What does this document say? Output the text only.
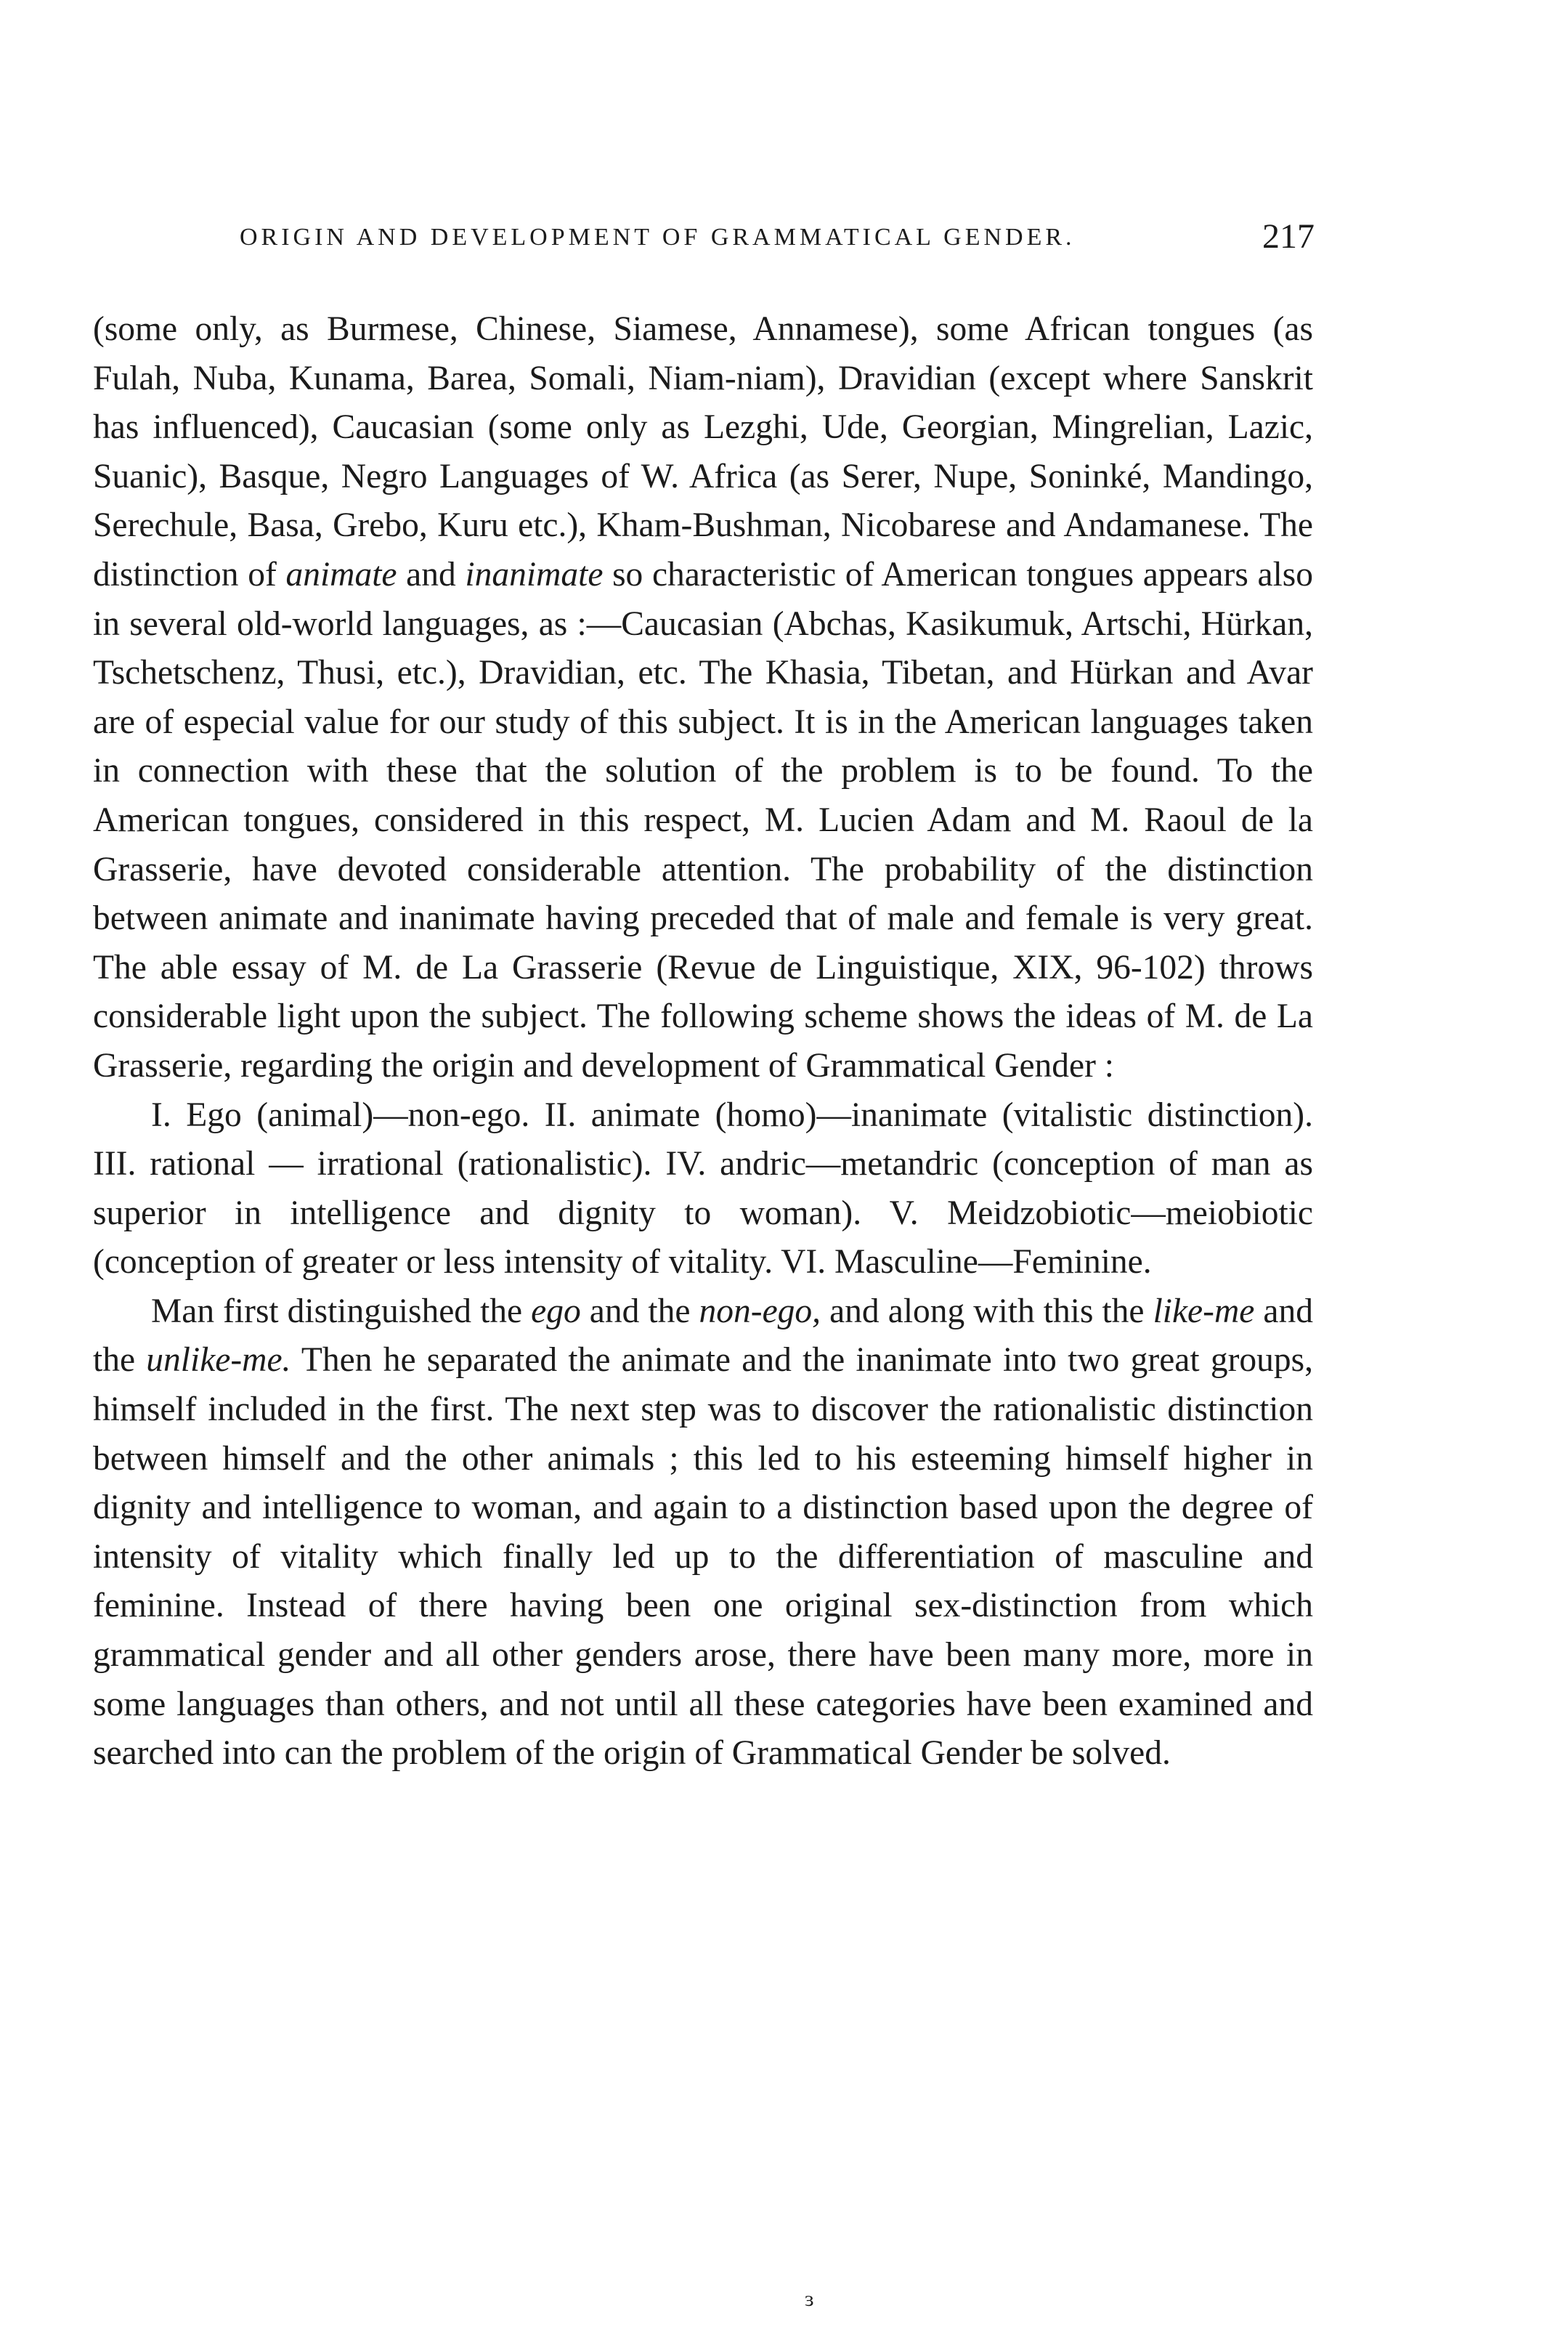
ORIGIN AND DEVELOPMENT OF GRAMMATICAL GENDER.	217

(some only, as Burmese, Chinese, Siamese, Annamese), some African tongues (as Fulah, Nuba, Kunama, Barea, Somali, Niam-niam), Dravidian (except where Sanskrit has influenced), Caucasian (some only as Lezghi, Ude, Georgian, Mingrelian, Lazic, Suanic), Basque, Negro Languages of W. Africa (as Serer, Nupe, Soninké, Mandingo, Serechule, Basa, Grebo, Kuru etc.), Kham-Bushman, Nicobarese and Andamanese. The distinction of animate and inanimate so characteristic of American tongues appears also in several old-world languages, as :—Caucasian (Abchas, Kasikumuk, Artschi, Hürkan, Tschetschenz, Thusi, etc.), Dravidian, etc. The Khasia, Tibetan, and Hürkan and Avar are of especial value for our study of this subject. It is in the American languages taken in connection with these that the solution of the problem is to be found. To the American tongues, considered in this respect, M. Lucien Adam and M. Raoul de la Grasserie, have devoted considerable attention. The probability of the distinction between animate and inanimate having preceded that of male and female is very great. The able essay of M. de La Grasserie (Revue de Linguistique, XIX, 96-102) throws considerable light upon the subject. The following scheme shows the ideas of M. de La Grasserie, regarding the origin and development of Grammatical Gender :

I. Ego (animal)—non-ego. II. animate (homo)—inanimate (vitalistic distinction). III. rational — irrational (rationalistic). IV. andric—metandric (conception of man as superior in intelligence and dignity to woman). V. Meidzobiotic—meiobiotic (conception of greater or less intensity of vitality. VI. Masculine—Feminine.

Man first distinguished the ego and the non-ego, and along with this the like-me and the unlike-me. Then he separated the animate and the inanimate into two great groups, himself included in the first. The next step was to discover the rationalistic distinction between himself and the other animals ; this led to his esteeming himself higher in dignity and intelligence to woman, and again to a distinction based upon the degree of intensity of vitality which finally led up to the differentiation of masculine and feminine. Instead of there having been one original sex-distinction from which grammatical gender and all other genders arose, there have been many more, more in some languages than others, and not until all these categories have been examined and searched into can the problem of the origin of Grammatical Gender be solved.

ɜ
